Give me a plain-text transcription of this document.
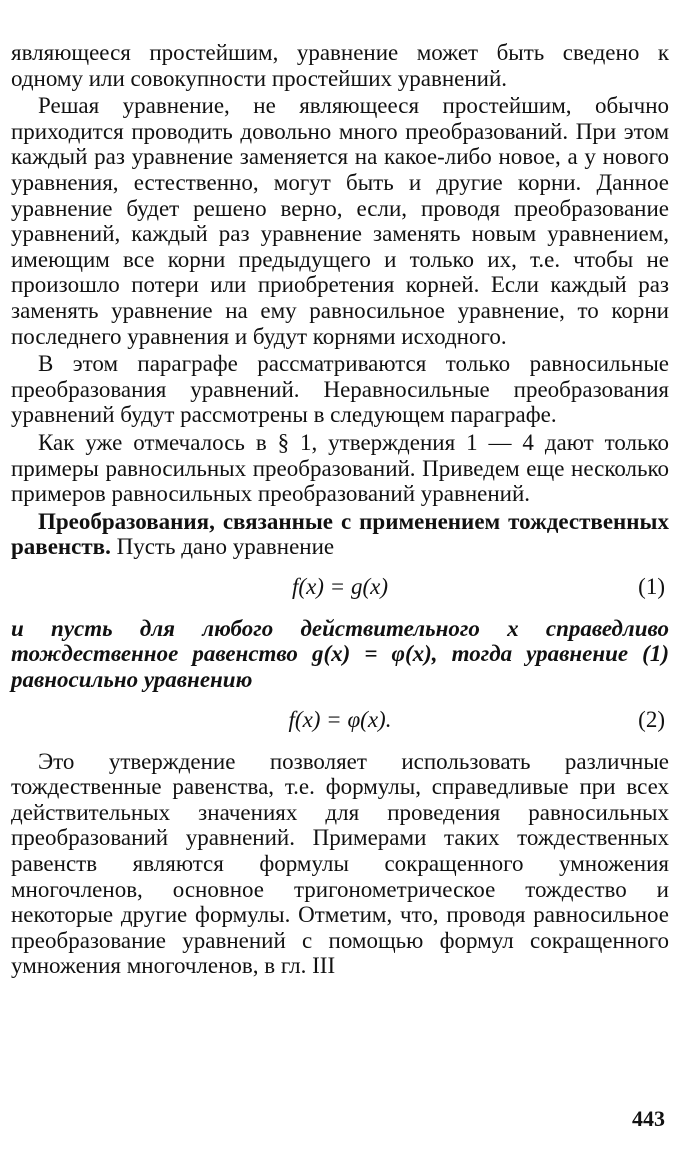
являющееся простейшим, уравнение может быть сведено к одному или совокупности простейших уравнений.

Решая уравнение, не являющееся простейшим, обычно приходится проводить довольно много преобразований. При этом каждый раз уравнение заменяется на какое-либо новое, а у нового уравнения, естественно, могут быть и другие корни. Данное уравнение будет решено верно, если, проводя преобразование уравнений, каждый раз уравнение заменять новым уравнением, имеющим все корни предыдущего и только их, т.е. чтобы не произошло потери или приобретения корней. Если каждый раз заменять уравнение на ему равносильное уравнение, то корни последнего уравнения и будут корнями исходного.

В этом параграфе рассматриваются только равносильные преобразования уравнений. Неравносильные преобразования уравнений будут рассмотрены в следующем параграфе.

Как уже отмечалось в § 1, утверждения 1 — 4 дают только примеры равносильных преобразований. Приведем еще несколько примеров равносильных преобразований уравнений.

Преобразования, связанные с применением тождественных равенств. Пусть дано уравнение

f(x) = g(x)	(1)

и пусть для любого действительного x справедливо тождественное равенство g(x) = φ(x), тогда уравнение (1) равносильно уравнению

f(x) = φ(x).	(2)

Это утверждение позволяет использовать различные тождественные равенства, т.е. формулы, справедливые при всех действительных значениях для проведения равносильных преобразований уравнений. Примерами таких тождественных равенств являются формулы сокращенного умножения многочленов, основное тригонометрическое тождество и некоторые другие формулы. Отметим, что, проводя равносильное преобразование уравнений с помощью формул сокращенного умножения многочленов, в гл. III

443
